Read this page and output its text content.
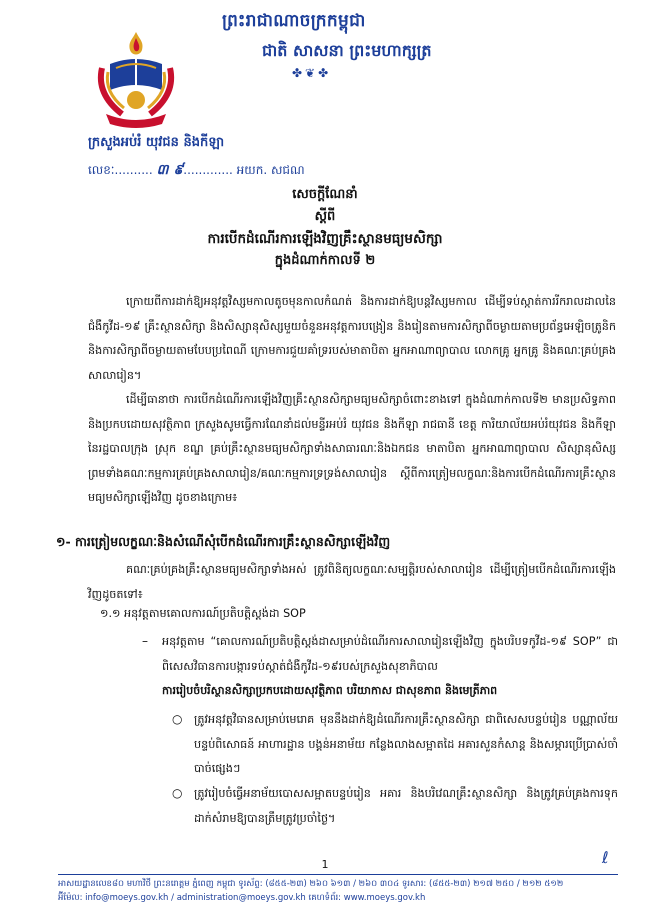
ព្រះរាជាណាចក្រកម្ពុជា
ជាតិ សាសនា ព្រះមហាក្សត្រ
✤❦✤
ក្រសួងអប់រំ យុវជន និងកីឡា
លេខៈ.......... ៣ ៩............. អយក. សជណ
សេចក្តីណែនាំ
ស្តីពី
ការបើកដំណើរការឡើងវិញគ្រឹះស្ថានមធ្យមសិក្សា
ក្នុងដំណាក់កាលទី ២
ក្រោយពីការដាក់ឱ្យអនុវត្តវិស្សមកាលតូចមុនកាលកំណត់ និងការដាក់ឱ្យបន្តវិស្សមកាល ដើម្បីទប់ស្កាត់ការរីករាលដាលនៃជំងឺកូវីដ-១៩ គ្រឹះស្ថានសិក្សា និងសិស្សានុសិស្សមួយចំនួនអនុវត្តការបង្រៀន និងរៀនតាមការសិក្សាពីចម្ងាយតាមប្រព័ន្ធអេឡិចត្រូនិក និងការសិក្សាពីចម្ងាយតាមបែបប្រពៃណី ក្រោមការជួយគាំទ្ររបស់មាតាបិតា អ្នកអាណាព្យាបាល លោកគ្រូ អ្នកគ្រូ និងគណៈគ្រប់គ្រងសាលារៀន។
ដើម្បីធានាថា ការបើកដំណើរការឡើងវិញគ្រឹះស្ថានសិក្សាមធ្យមសិក្សាចំពោះខាងទៅ ក្នុងដំណាក់កាលទី២ មានប្រសិទ្ធភាព និងប្រកបដោយសុវត្ថិភាព ក្រសួងសូមធ្វើការណែនាំដល់មន្ទីរអប់រំ យុវជន និងកីឡា រាជធានី ខេត្ត ការិយាល័យអប់រំយុវជន និងកីឡានៃរដ្ឋបាលក្រុង ស្រុក ខណ្ឌ គ្រប់គ្រឹះស្ថានមធ្យមសិក្សាទាំងសាធារណៈនិងឯកជន មាតាបិតា អ្នកអាណាព្យាបាល សិស្សានុសិស្ស ព្រមទាំងគណៈកម្មការគ្រប់គ្រងសាលារៀន/គណៈកម្មការទ្រទ្រង់សាលារៀន ស្តីពីការត្រៀមលក្ខណៈនិងការបើកដំណើរការគ្រឹះស្ថានមធ្យមសិក្សាឡើងវិញ ដូចខាងក្រោម៖
១- ការត្រៀមលក្ខណៈនិងសំណើសុំបើកដំណើរការគ្រឹះស្ថានសិក្សាឡើងវិញ
គណៈគ្រប់គ្រងគ្រឹះស្ថានមធ្យមសិក្សាទាំងអស់ ត្រូវពិនិត្យលក្ខណៈសម្បត្តិរបស់សាលារៀន ដើម្បីត្រៀមបើកដំណើរការឡើងវិញដូចតទៅ៖
១.១ អនុវត្តតាមគោលការណ៍ប្រតិបត្តិស្តង់ដា SOP
– អនុវត្តតាម “គោលការណ៍ប្រតិបត្តិស្តង់ដាសម្រាប់ដំណើរការសាលារៀនឡើងវិញ ក្នុងបរិបទកូវីដ-១៩ SOP” ជាពិសេសវិធានការបង្ការទប់ស្កាត់ជំងឺកូវីដ-១៩របស់ក្រសួងសុខាភិបាល
ការរៀបចំបរិស្ថានសិក្សាប្រកបដោយសុវត្ថិភាព បរិយាកាស ជាសុខភាព និងមេត្រីភាព
○ ត្រូវអនុវត្តវិធានសម្រាប់មេរោគ មុននឹងដាក់ឱ្យដំណើរការគ្រឹះស្ថានសិក្សា ជាពិសេសបន្ទប់រៀន បណ្ណាល័យ បន្ទប់ពិសោធន៍ អាហារដ្ឋាន បង្គន់អនាម័យ កន្លែងលាងសម្អាតដៃ អគារសួនកំសាន្ត និងសម្ភារប្រើប្រាស់ចាំបាច់ផ្សេងៗ
○ ត្រូវរៀបចំធ្វើអនាម័យបោសសម្អាតបន្ទប់រៀន អគារ និងបរិវេណគ្រឹះស្ថានសិក្សា និងត្រូវគ្រប់គ្រងការទុកដាក់សំរាមឱ្យបានត្រឹមត្រូវប្រចាំថ្ងៃ។
1	ℓ
អាសយដ្ឋានលេខ៨០ មហាវិថី ព្រះនរោត្តម ភ្នំពេញ កម្ពុជា ទូរស័ព្ទ: (៨៥៥-២៣) ២៦០ ៦១៣ / ២៦០ ៣០៤ ទូរសារ: (៨៥៥-២៣) ២១៧ ២៥០ / ២១២ ៥១២
អ៊ីម៉ែល: info@moeys.gov.kh / administration@moeys.gov.kh គេហទំព័រ: www.moeys.gov.kh
